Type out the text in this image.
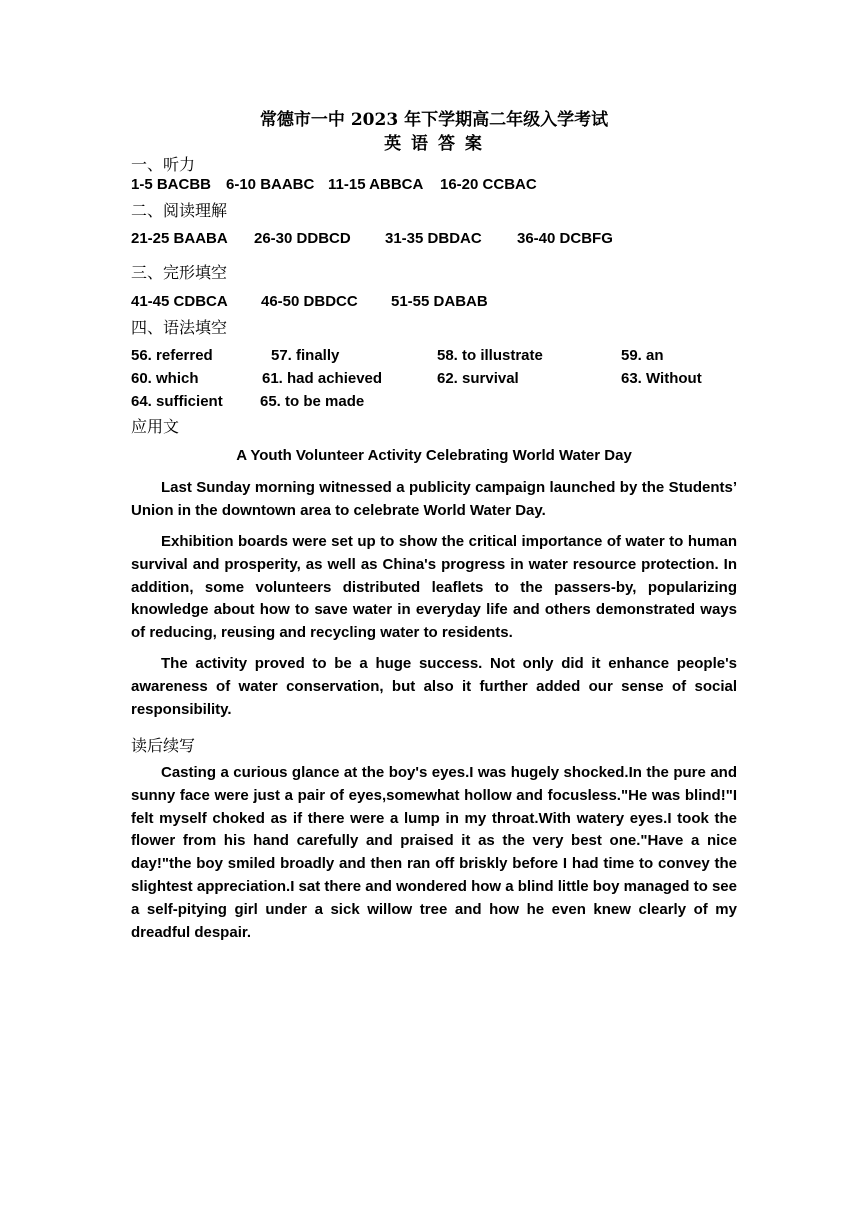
常德市一中 2023 年下学期高二年级入学考试
英 语 答 案
一、听力
1-5 BACBB 6-10 BAABC 11-15 ABBCA 16-20 CCBAC
二、阅读理解
21-25 BAABA 26-30 DDBCD 31-35 DBDAC 36-40 DCBFG
三、完形填空
41-45 CDBCA 46-50 DBDCC 51-55 DABAB
四、语法填空
56. referred	57. finally	58. to illustrate	59. an
60. which	61. had achieved	62. survival	63. Without
64. sufficient 65. to be made
应用文
A Youth Volunteer Activity Celebrating World Water Day

Last Sunday morning witnessed a publicity campaign launched by the Students’ Union in the downtown area to celebrate World Water Day.

Exhibition boards were set up to show the critical importance of water to human survival and prosperity, as well as China's progress in water resource protection. In addition, some volunteers distributed leaflets to the passers-by, popularizing knowledge about how to save water in everyday life and others demonstrated ways of reducing, reusing and recycling water to residents.

The activity proved to be a huge success. Not only did it enhance people's awareness of water conservation, but also it further added our sense of social responsibility.

读后续写

Casting a curious glance at the boy's eyes.I was hugely shocked.In the pure and sunny face were just a pair of eyes,somewhat hollow and focusless."He was blind!"I felt myself choked as if there were a lump in my throat.With watery eyes.I took the flower from his hand carefully and praised it as the very best one."Have a nice day!"the boy smiled broadly and then ran off briskly before I had time to convey the slightest appreciation.I sat there and wondered how a blind little boy managed to see a self-pitying girl under a sick willow tree and how he even knew clearly of my dreadful despair.
